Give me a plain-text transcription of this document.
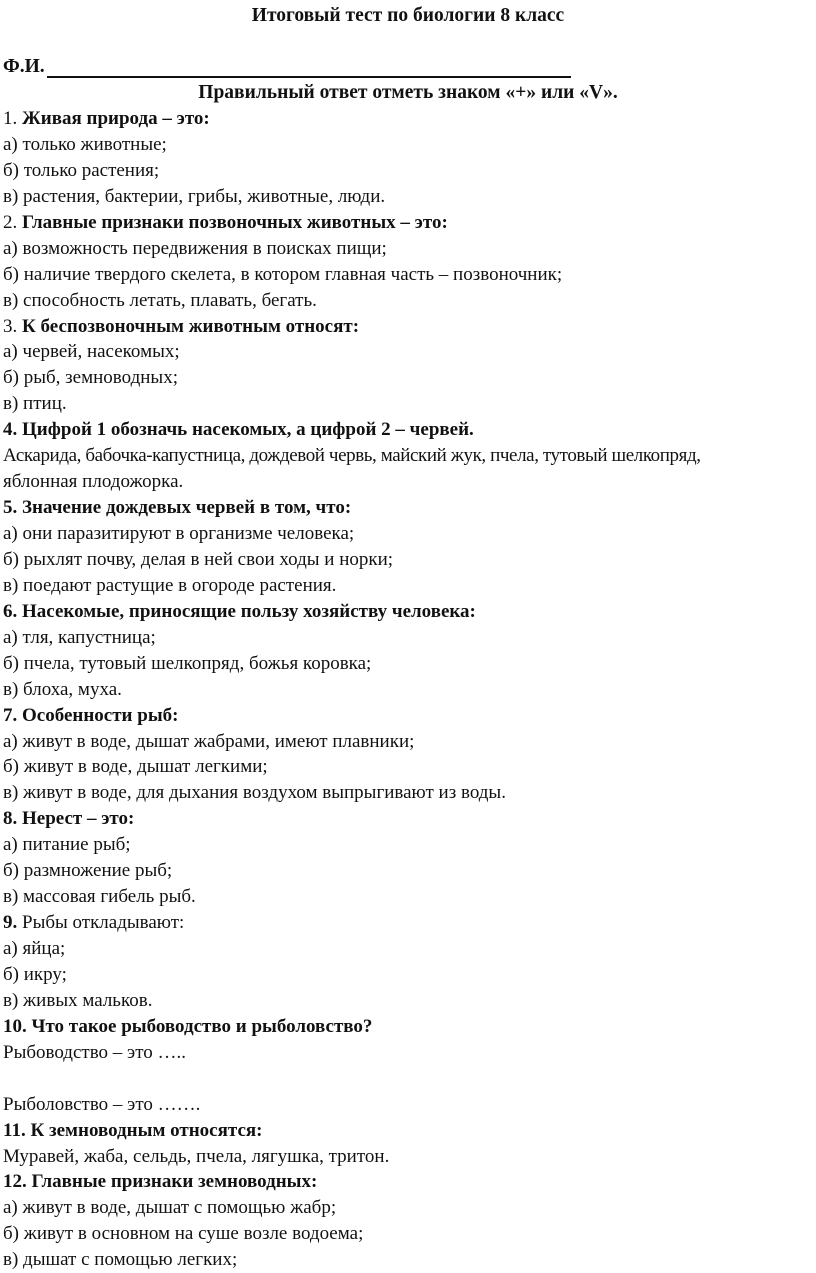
Итоговый тест по биологии 8 класс
Ф.И.
Правильный ответ отметь знаком «+» или «V».
1. Живая природа – это:
а) только животные;
б) только растения;
в) растения, бактерии, грибы, животные, люди.
2. Главные признаки позвоночных животных – это:
а) возможность передвижения в поисках пищи;
б) наличие твердого скелета, в котором главная часть – позвоночник;
в) способность летать, плавать, бегать.
3. К беспозвоночным животным относят:
а) червей, насекомых;
б) рыб, земноводных;
в) птиц.
4. Цифрой 1 обозначь насекомых, а цифрой 2 – червей.
Аскарида, бабочка-капустница, дождевой червь, майский жук, пчела, тутовый шелкопряд,
яблонная плодожорка.
5. Значение дождевых червей в том, что:
а) они паразитируют в организме человека;
б) рыхлят почву, делая в ней свои ходы и норки;
в) поедают растущие в огороде растения.
6. Насекомые, приносящие пользу хозяйству человека:
а) тля, капустница;
б) пчела, тутовый шелкопряд, божья коровка;
в) блоха, муха.
7. Особенности рыб:
а) живут в воде, дышат жабрами, имеют плавники;
б) живут в воде, дышат легкими;
в) живут в воде, для дыхания воздухом выпрыгивают из воды.
8. Нерест – это:
а) питание рыб;
б) размножение рыб;
в) массовая гибель рыб.
9. Рыбы откладывают:
а) яйца;
б) икру;
в) живых мальков.
10. Что такое рыбоводство и рыболовство?
Рыбоводство – это …..
Рыболовство – это …….
11. К земноводным относятся:
Муравей, жаба, сельдь, пчела, лягушка, тритон.
12. Главные признаки земноводных:
а) живут в воде, дышат с помощью жабр;
б) живут в основном на суше возле водоема;
в) дышат с помощью легких;
